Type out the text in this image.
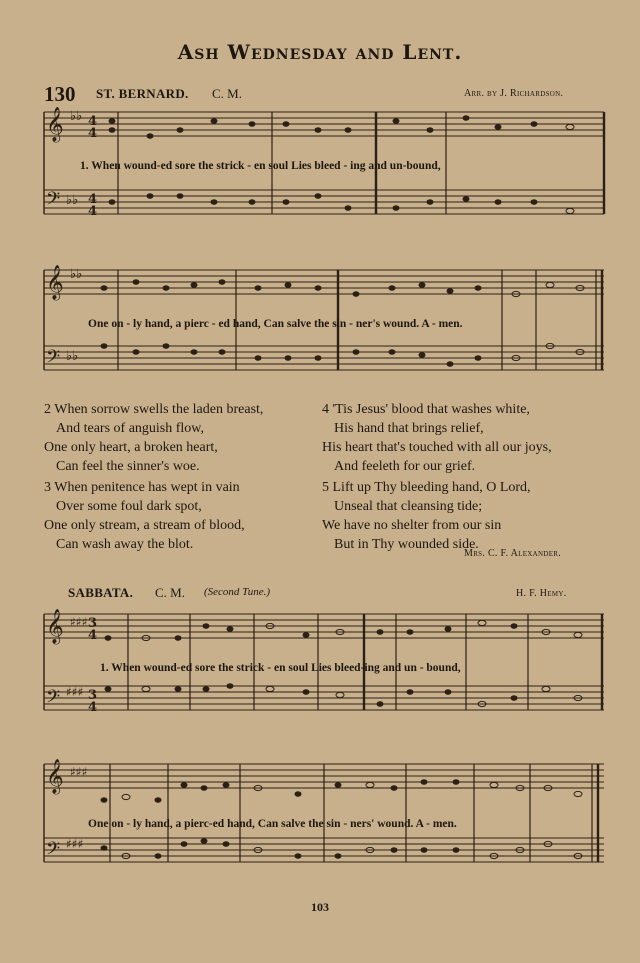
Ash Wednesday and Lent.
130 ST. BERNARD. C. M.	Arr. by J. Richardson.
𝄞
𝄢
𝄞
𝄢
𝄞
𝄢
𝄞
𝄢
♭♭
♭♭
♭♭
♭♭
♯♯♯
♯♯♯
♯♯♯
♯♯♯
4
4
4
4
3
4
3
4
1. When wound-ed sore the strick - en soul Lies bleed - ing and un-bound,
One on - ly hand, a pierc - ed hand, Can salve the sin - ner's wound. A - men.
2 When sorrow swells the laden breast,
And tears of anguish flow,
One only heart, a broken heart,
Can feel the sinner's woe.
3 When penitence has wept in vain
Over some foul dark spot,
One only stream, a stream of blood,
Can wash away the blot.
4 'Tis Jesus' blood that washes white,
His hand that brings relief,
His heart that's touched with all our joys,
And feeleth for our grief.
5 Lift up Thy bleeding hand, O Lord,
Unseal that cleansing tide;
We have no shelter from our sin
But in Thy wounded side.
Mrs. C. F. Alexander.
SABBATA. C. M. (Second Tune.)	H. F. Hemy.
1. When wound-ed sore the strick - en soul Lies bleed-ing and un - bound,
One on - ly hand, a pierc-ed hand, Can salve the sin - ners' wound. A - men.
103
